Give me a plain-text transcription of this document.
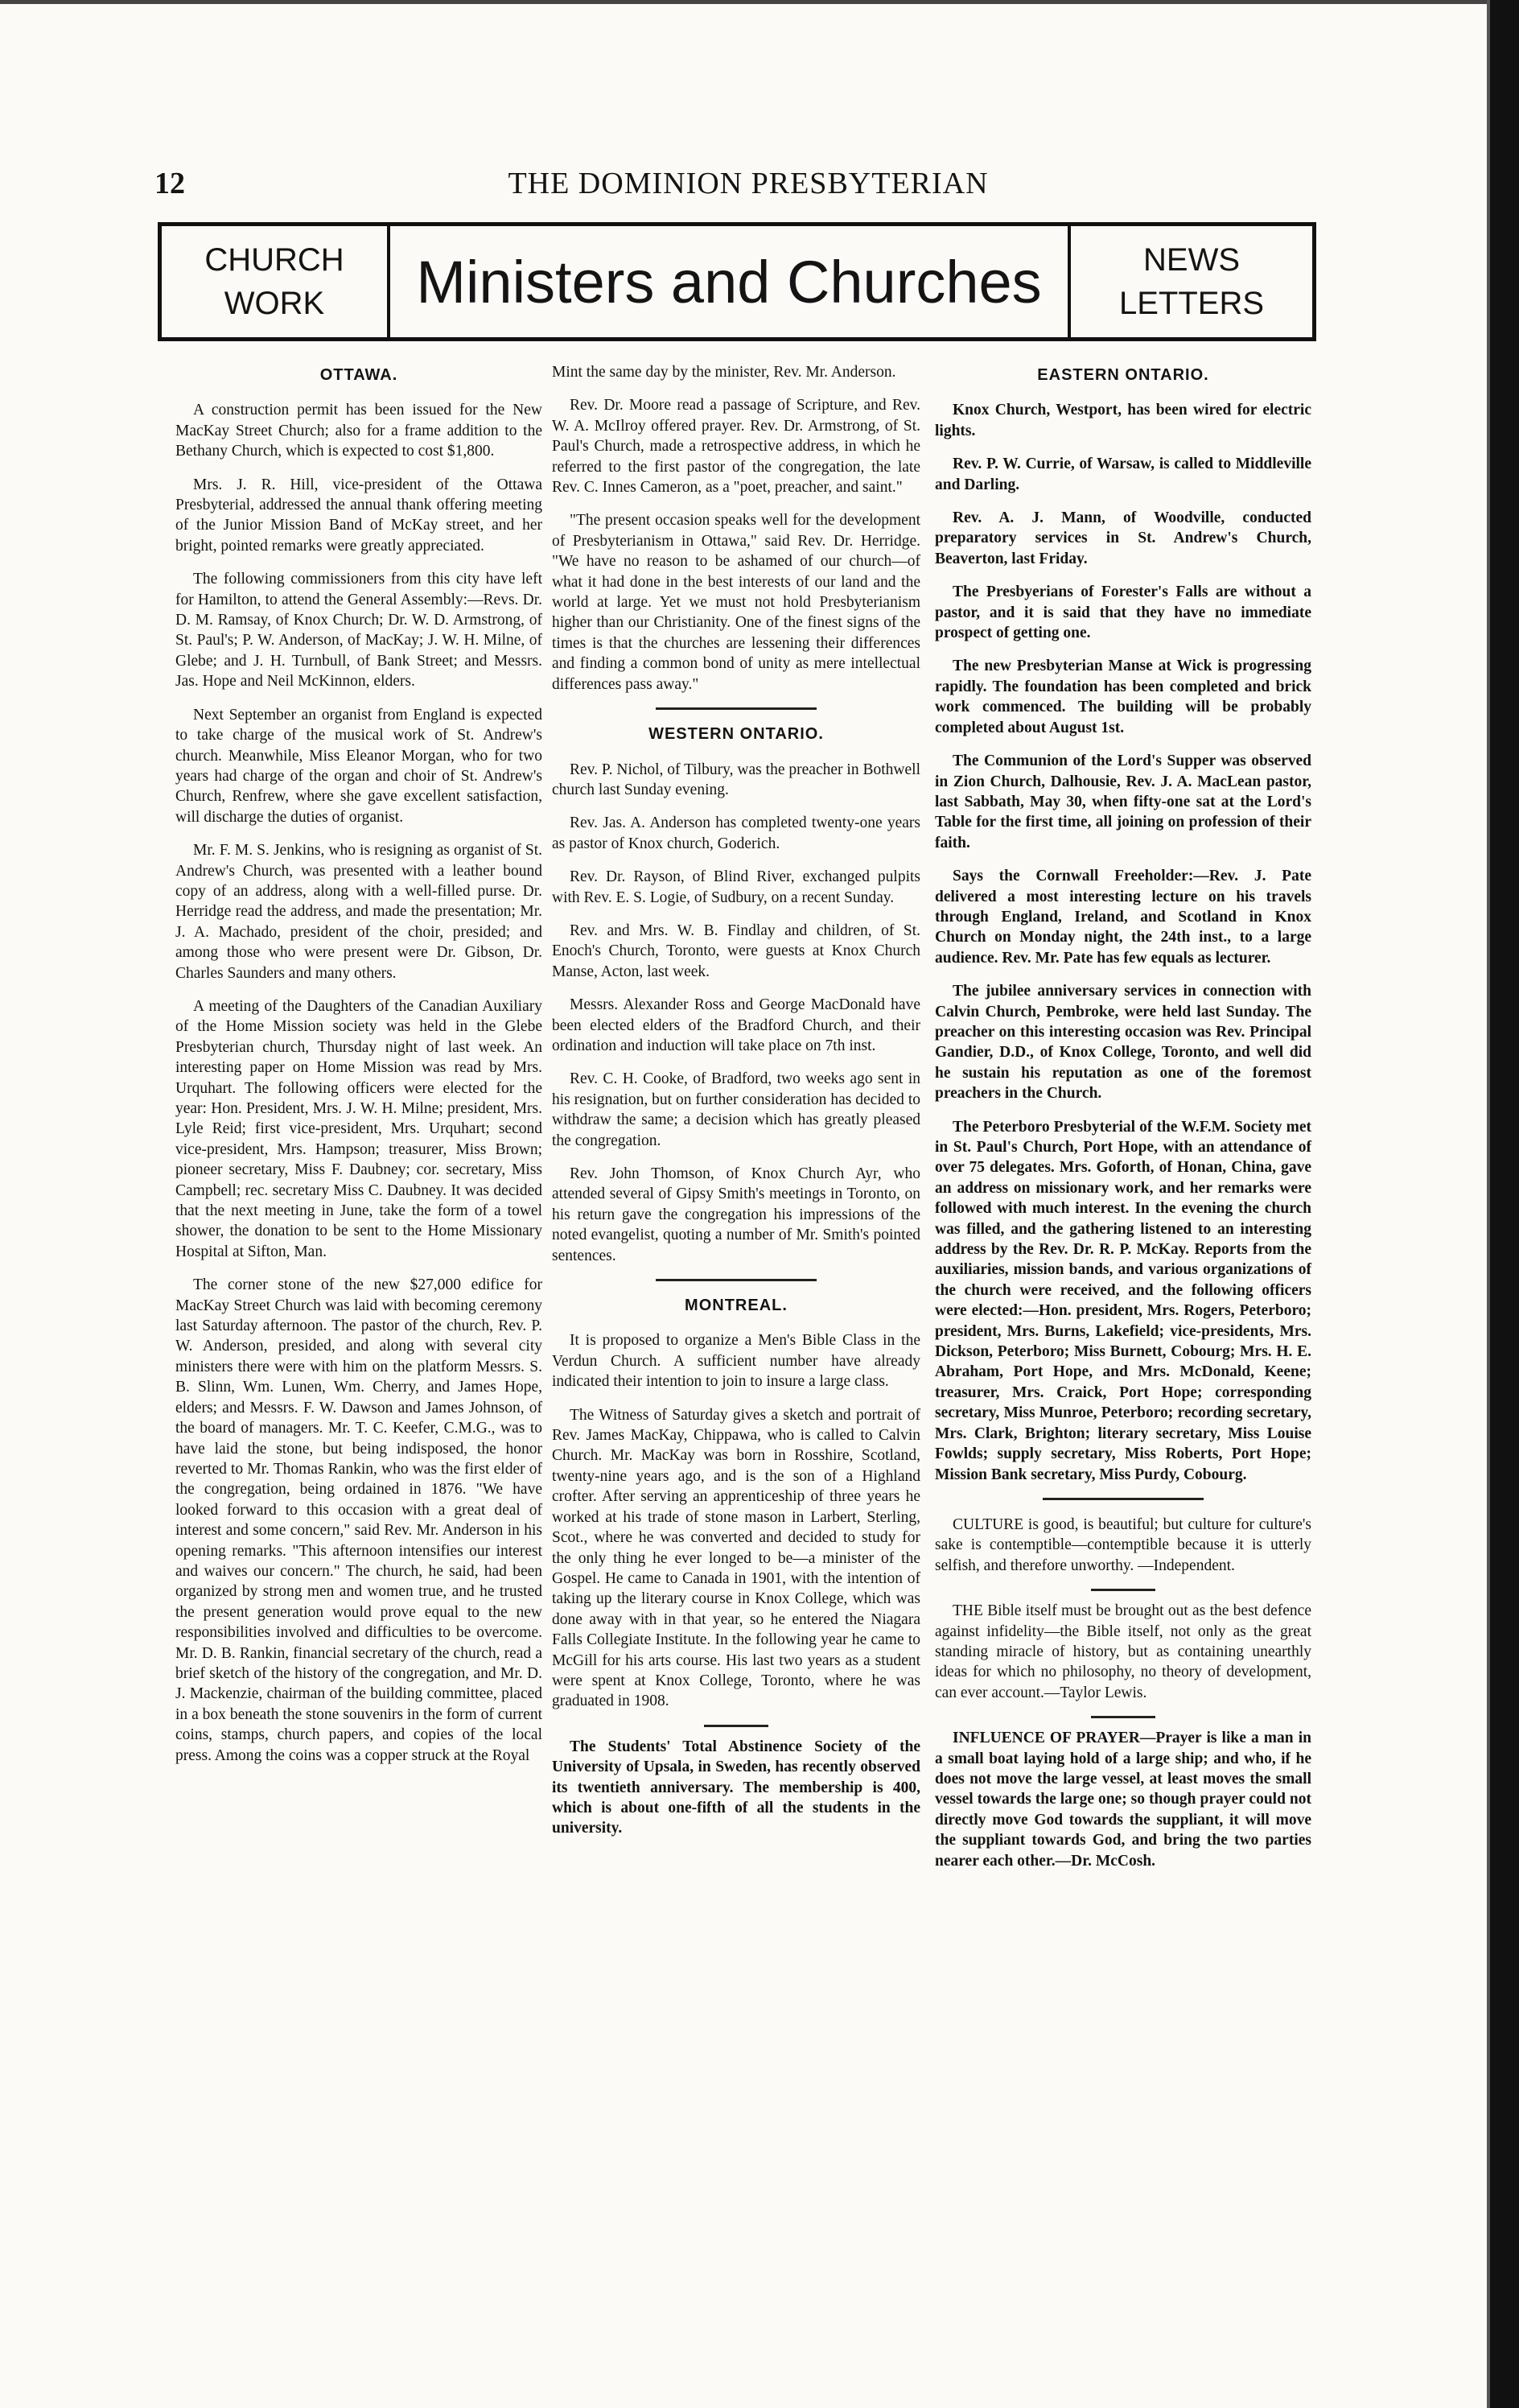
12	THE DOMINION PRESBYTERIAN
CHURCH
WORK Ministers and Churches	NEWS
LETTERS
OTTAWA.

A construction permit has been issued for the New MacKay Street Church; also for a frame addition to the Bethany Church, which is expected to cost $1,800.

Mrs. J. R. Hill, vice-president of the Ottawa Presbyterial, addressed the annual thank offering meeting of the Junior Mission Band of McKay street, and her bright, pointed remarks were greatly appreciated.

The following commissioners from this city have left for Hamilton, to attend the General Assembly:—Revs. Dr. D. M. Ramsay, of Knox Church; Dr. W. D. Armstrong, of St. Paul's; P. W. Anderson, of MacKay; J. W. H. Milne, of Glebe; and J. H. Turnbull, of Bank Street; and Messrs. Jas. Hope and Neil McKinnon, elders.

Next September an organist from England is expected to take charge of the musical work of St. Andrew's church. Meanwhile, Miss Eleanor Morgan, who for two years had charge of the organ and choir of St. Andrew's Church, Renfrew, where she gave excellent satisfaction, will discharge the duties of organist.

Mr. F. M. S. Jenkins, who is resigning as organist of St. Andrew's Church, was presented with a leather bound copy of an address, along with a well-filled purse. Dr. Herridge read the address, and made the presentation; Mr. J. A. Machado, president of the choir, presided; and among those who were present were Dr. Gibson, Dr. Charles Saunders and many others.

A meeting of the Daughters of the Canadian Auxiliary of the Home Mission society was held in the Glebe Presbyterian church, Thursday night of last week. An interesting paper on Home Mission was read by Mrs. Urquhart. The following officers were elected for the year: Hon. President, Mrs. J. W. H. Milne; president, Mrs. Lyle Reid; first vice-president, Mrs. Urquhart; second vice-president, Mrs. Hampson; treasurer, Miss Brown; pioneer secretary, Miss F. Daubney; cor. secretary, Miss Campbell; rec. secretary Miss C. Daubney. It was decided that the next meeting in June, take the form of a towel shower, the donation to be sent to the Home Missionary Hospital at Sifton, Man.

The corner stone of the new $27,000 edifice for MacKay Street Church was laid with becoming ceremony last Saturday afternoon. The pastor of the church, Rev. P. W. Anderson, presided, and along with several city ministers there were with him on the platform Messrs. S. B. Slinn, Wm. Lunen, Wm. Cherry, and James Hope, elders; and Messrs. F. W. Dawson and James Johnson, of the board of managers. Mr. T. C. Keefer, C.M.G., was to have laid the stone, but being indisposed, the honor reverted to Mr. Thomas Rankin, who was the first elder of the congregation, being ordained in 1876. "We have looked forward to this occasion with a great deal of interest and some concern," said Rev. Mr. Anderson in his opening remarks. "This afternoon intensifies our interest and waives our concern." The church, he said, had been organized by strong men and women true, and he trusted the present generation would prove equal to the new responsibilities involved and difficulties to be overcome. Mr. D. B. Rankin, financial secretary of the church, read a brief sketch of the history of the congregation, and Mr. D. J. Mackenzie, chairman of the building committee, placed in a box beneath the stone souvenirs in the form of current coins, stamps, church papers, and copies of the local press. Among the coins was a copper struck at the Royal

Mint the same day by the minister, Rev. Mr. Anderson.

Rev. Dr. Moore read a passage of Scripture, and Rev. W. A. McIlroy offered prayer. Rev. Dr. Armstrong, of St. Paul's Church, made a retrospective address, in which he referred to the first pastor of the congregation, the late Rev. C. Innes Cameron, as a "poet, preacher, and saint."

"The present occasion speaks well for the development of Presbyterianism in Ottawa," said Rev. Dr. Herridge. "We have no reason to be ashamed of our church—of what it had done in the best interests of our land and the world at large. Yet we must not hold Presbyterianism higher than our Christianity. One of the finest signs of the times is that the churches are lessening their differences and finding a common bond of unity as mere intellectual differences pass away."

WESTERN ONTARIO.

Rev. P. Nichol, of Tilbury, was the preacher in Bothwell church last Sunday evening.

Rev. Jas. A. Anderson has completed twenty-one years as pastor of Knox church, Goderich.

Rev. Dr. Rayson, of Blind River, exchanged pulpits with Rev. E. S. Logie, of Sudbury, on a recent Sunday.

Rev. and Mrs. W. B. Findlay and children, of St. Enoch's Church, Toronto, were guests at Knox Church Manse, Acton, last week.

Messrs. Alexander Ross and George MacDonald have been elected elders of the Bradford Church, and their ordination and induction will take place on 7th inst.

Rev. C. H. Cooke, of Bradford, two weeks ago sent in his resignation, but on further consideration has decided to withdraw the same; a decision which has greatly pleased the congregation.

Rev. John Thomson, of Knox Church Ayr, who attended several of Gipsy Smith's meetings in Toronto, on his return gave the congregation his impressions of the noted evangelist, quoting a number of Mr. Smith's pointed sentences.

MONTREAL.

It is proposed to organize a Men's Bible Class in the Verdun Church. A sufficient number have already indicated their intention to join to insure a large class.

The Witness of Saturday gives a sketch and portrait of Rev. James MacKay, Chippawa, who is called to Calvin Church. Mr. MacKay was born in Rosshire, Scotland, twenty-nine years ago, and is the son of a Highland crofter. After serving an apprenticeship of three years he worked at his trade of stone mason in Larbert, Sterling, Scot., where he was converted and decided to study for the only thing he ever longed to be—a minister of the Gospel. He came to Canada in 1901, with the intention of taking up the literary course in Knox College, which was done away with in that year, so he entered the Niagara Falls Collegiate Institute. In the following year he came to McGill for his arts course. His last two years as a student were spent at Knox College, Toronto, where he was graduated in 1908.

The Students' Total Abstinence Society of the University of Upsala, in Sweden, has recently observed its twentieth anniversary. The membership is 400, which is about one-fifth of all the students in the university.

EASTERN ONTARIO.

Knox Church, Westport, has been wired for electric lights.

Rev. P. W. Currie, of Warsaw, is called to Middleville and Darling.

Rev. A. J. Mann, of Woodville, conducted preparatory services in St. Andrew's Church, Beaverton, last Friday.

The Presbyerians of Forester's Falls are without a pastor, and it is said that they have no immediate prospect of getting one.

The new Presbyterian Manse at Wick is progressing rapidly. The foundation has been completed and brick work commenced. The building will be probably completed about August 1st.

The Communion of the Lord's Supper was observed in Zion Church, Dalhousie, Rev. J. A. MacLean pastor, last Sabbath, May 30, when fifty-one sat at the Lord's Table for the first time, all joining on profession of their faith.

Says the Cornwall Freeholder:—Rev. J. Pate delivered a most interesting lecture on his travels through England, Ireland, and Scotland in Knox Church on Monday night, the 24th inst., to a large audience. Rev. Mr. Pate has few equals as lecturer.

The jubilee anniversary services in connection with Calvin Church, Pembroke, were held last Sunday. The preacher on this interesting occasion was Rev. Principal Gandier, D.D., of Knox College, Toronto, and well did he sustain his reputation as one of the foremost preachers in the Church.

The Peterboro Presbyterial of the W.F.M. Society met in St. Paul's Church, Port Hope, with an attendance of over 75 delegates. Mrs. Goforth, of Honan, China, gave an address on missionary work, and her remarks were followed with much interest. In the evening the church was filled, and the gathering listened to an interesting address by the Rev. Dr. R. P. McKay. Reports from the auxiliaries, mission bands, and various organizations of the church were received, and the following officers were elected:—Hon. president, Mrs. Rogers, Peterboro; president, Mrs. Burns, Lakefield; vice-presidents, Mrs. Dickson, Peterboro; Miss Burnett, Cobourg; Mrs. H. E. Abraham, Port Hope, and Mrs. McDonald, Keene; treasurer, Mrs. Craick, Port Hope; corresponding secretary, Miss Munroe, Peterboro; recording secretary, Mrs. Clark, Brighton; literary secretary, Miss Louise Fowlds; supply secretary, Miss Roberts, Port Hope; Mission Bank secretary, Miss Purdy, Cobourg.

CULTURE is good, is beautiful; but culture for culture's sake is contemptible—contemptible because it is utterly selfish, and therefore unworthy. —Independent.

THE Bible itself must be brought out as the best defence against infidelity—the Bible itself, not only as the great standing miracle of history, but as containing unearthly ideas for which no philosophy, no theory of development, can ever account.—Taylor Lewis.

INFLUENCE OF PRAYER—Prayer is like a man in a small boat laying hold of a large ship; and who, if he does not move the large vessel, at least moves the small vessel towards the large one; so though prayer could not directly move God towards the suppliant, it will move the suppliant towards God, and bring the two parties nearer each other.—Dr. McCosh.
